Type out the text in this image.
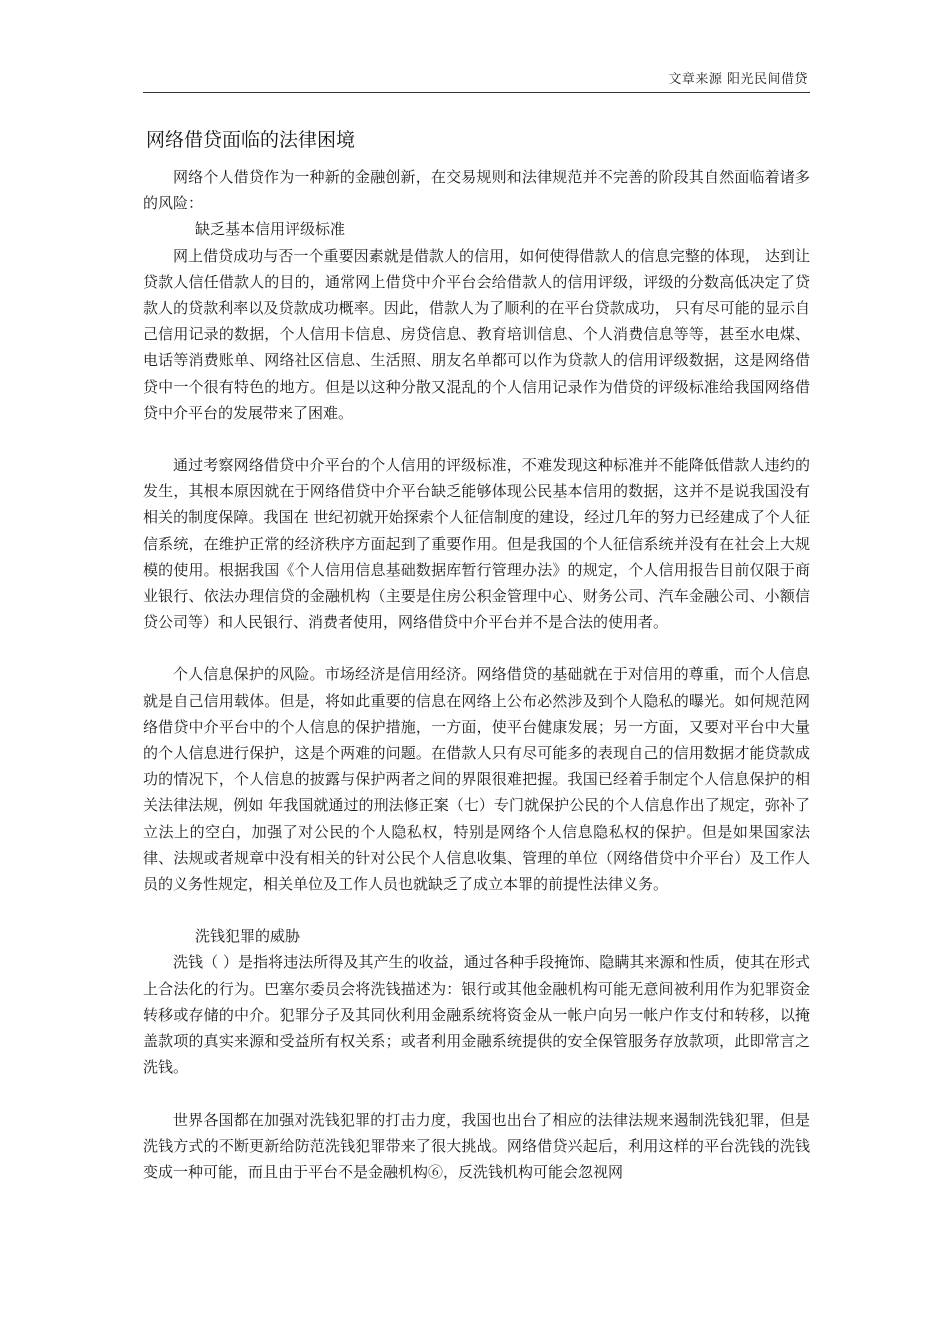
文章来源 阳光民间借贷
网络借贷面临的法律困境

网络个人借贷作为一种新的金融创新，在交易规则和法律规范并不完善的阶段其自然面临着诸多的风险：

缺乏基本信用评级标准

网上借贷成功与否一个重要因素就是借款人的信用，如何使得借款人的信息完整的体现， 达到让贷款人信任借款人的目的，通常网上借贷中介平台会给借款人的信用评级，评级的分数高低决定了贷款人的贷款利率以及贷款成功概率。因此，借款人为了顺利的在平台贷款成功， 只有尽可能的显示自己信用记录的数据，个人信用卡信息、房贷信息、教育培训信息、个人消费信息等等，甚至水电煤、电话等消费账单、网络社区信息、生活照、朋友名单都可以作为贷款人的信用评级数据，这是网络借贷中一个很有特色的地方。但是以这种分散又混乱的个人信用记录作为借贷的评级标准给我国网络借贷中介平台的发展带来了困难。

通过考察网络借贷中介平台的个人信用的评级标准，不难发现这种标准并不能降低借款人违约的发生，其根本原因就在于网络借贷中介平台缺乏能够体现公民基本信用的数据，这并不是说我国没有相关的制度保障。我国在 世纪初就开始探索个人征信制度的建设，经过几年的努力已经建成了个人征信系统，在维护正常的经济秩序方面起到了重要作用。但是我国的个人征信系统并没有在社会上大规模的使用。根据我国《个人信用信息基础数据库暂行管理办法》的规定，个人信用报告目前仅限于商业银行、依法办理信贷的金融机构（主要是住房公积金管理中心、财务公司、汽车金融公司、小额信贷公司等）和人民银行、消费者使用，网络借贷中介平台并不是合法的使用者。

个人信息保护的风险。市场经济是信用经济。网络借贷的基础就在于对信用的尊重，而个人信息就是自己信用载体。但是，将如此重要的信息在网络上公布必然涉及到个人隐私的曝光。如何规范网络借贷中介平台中的个人信息的保护措施，一方面，使平台健康发展；另一方面，又要对平台中大量的个人信息进行保护，这是个两难的问题。在借款人只有尽可能多的表现自己的信用数据才能贷款成功的情况下，个人信息的披露与保护两者之间的界限很难把握。我国已经着手制定个人信息保护的相关法律法规，例如 年我国就通过的刑法修正案（七）专门就保护公民的个人信息作出了规定，弥补了立法上的空白，加强了对公民的个人隐私权，特别是网络个人信息隐私权的保护。但是如果国家法律、法规或者规章中没有相关的针对公民个人信息收集、管理的单位（网络借贷中介平台）及工作人员的义务性规定，相关单位及工作人员也就缺乏了成立本罪的前提性法律义务。

洗钱犯罪的威胁

洗钱（ ）是指将违法所得及其产生的收益，通过各种手段掩饰、隐瞒其来源和性质，使其在形式上合法化的行为。巴塞尔委员会将洗钱描述为：银行或其他金融机构可能无意间被利用作为犯罪资金转移或存储的中介。犯罪分子及其同伙利用金融系统将资金从一帐户向另一帐户作支付和转移，以掩盖款项的真实来源和受益所有权关系；或者利用金融系统提供的安全保管服务存放款项，此即常言之洗钱。

世界各国都在加强对洗钱犯罪的打击力度，我国也出台了相应的法律法规来遏制洗钱犯罪，但是洗钱方式的不断更新给防范洗钱犯罪带来了很大挑战。网络借贷兴起后，利用这样的平台洗钱的洗钱变成一种可能，而且由于平台不是金融机构⑥，反洗钱机构可能会忽视网
